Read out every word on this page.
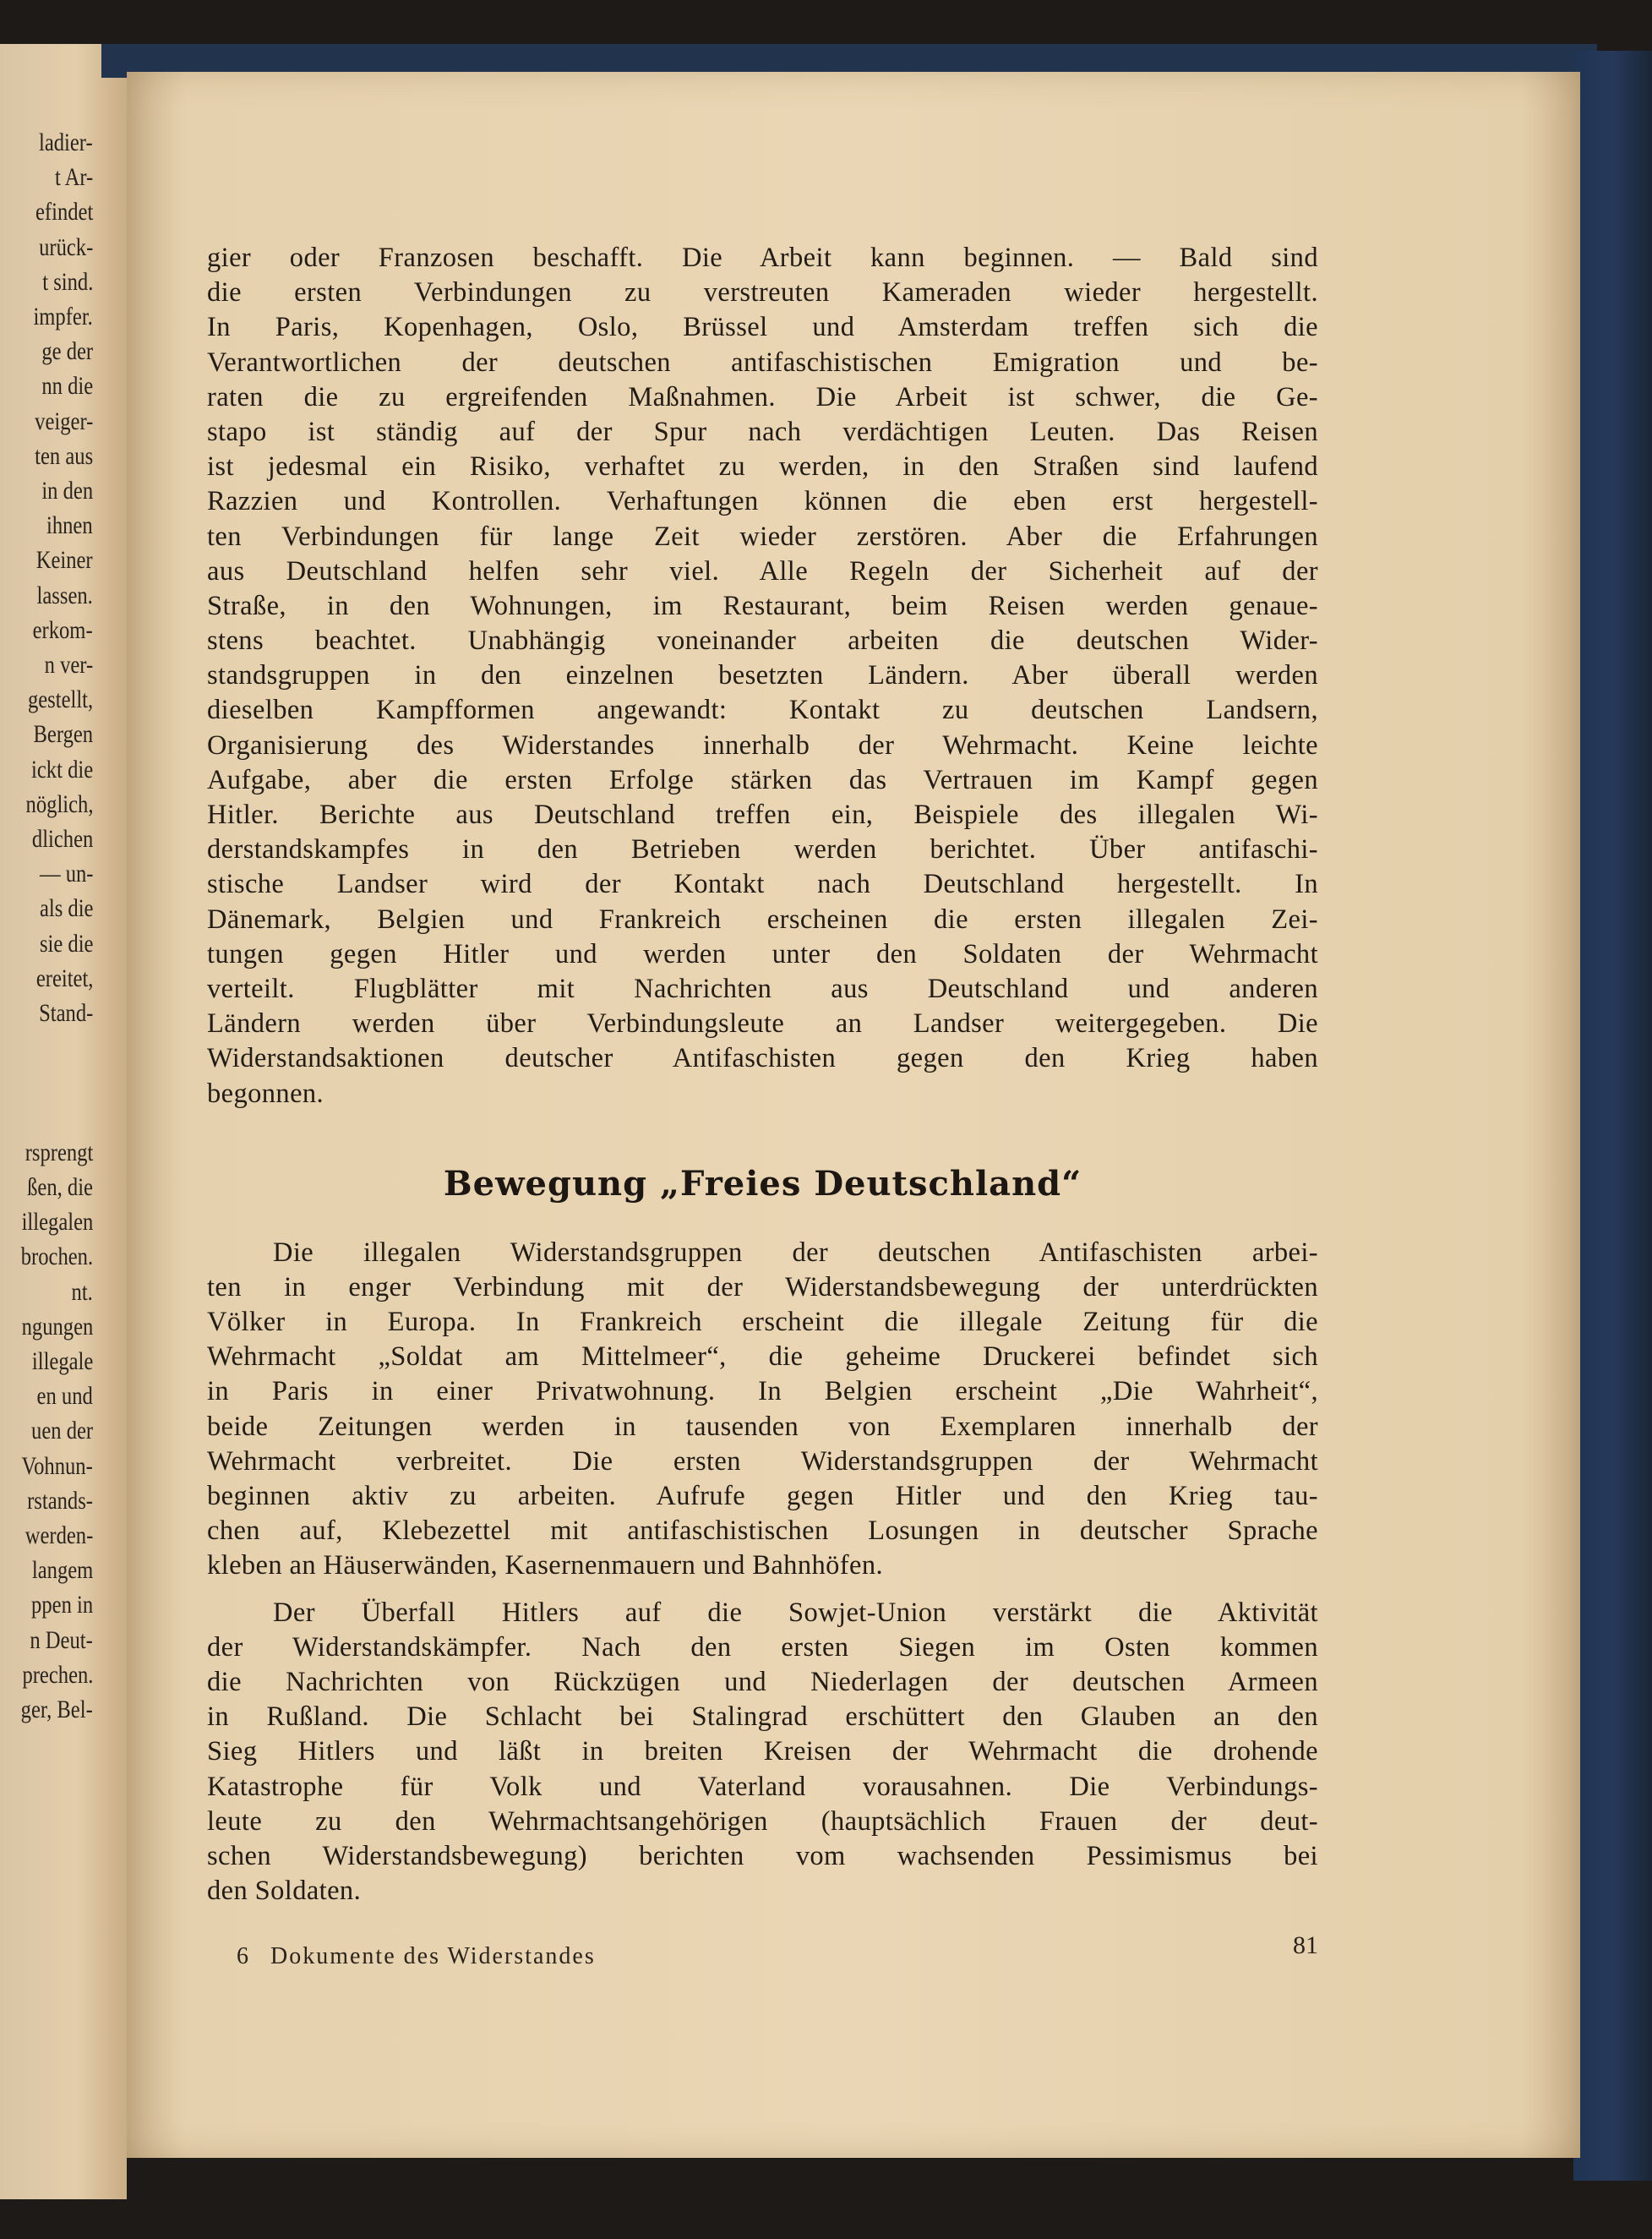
ladier-
t Ar-
efindet
urück-
t sind.
impfer.
ge der
nn die
veiger-
ten aus
in den
ihnen
Keiner
lassen.
erkom-
n ver-
gestellt,
Bergen
ickt die
nöglich,
dlichen
— un-
als die
sie die
ereitet,
Stand-
rsprengt
ßen, die
illegalen
brochen.
nt.
ngungen
illegale
en und
uen der
Vohnun-
rstands-
werden-
langem
ppen in
n Deut-
prechen.
ger, Bel-
gier oder Franzosen beschafft. Die Arbeit kann beginnen. — Bald sind
die ersten Verbindungen zu verstreuten Kameraden wieder hergestellt.
In Paris, Kopenhagen, Oslo, Brüssel und Amsterdam treffen sich die
Verantwortlichen der deutschen antifaschistischen Emigration und be-
raten die zu ergreifenden Maßnahmen. Die Arbeit ist schwer, die Ge-
stapo ist ständig auf der Spur nach verdächtigen Leuten. Das Reisen
ist jedesmal ein Risiko, verhaftet zu werden, in den Straßen sind laufend
Razzien und Kontrollen. Verhaftungen können die eben erst hergestell-
ten Verbindungen für lange Zeit wieder zerstören. Aber die Erfahrungen
aus Deutschland helfen sehr viel. Alle Regeln der Sicherheit auf der
Straße, in den Wohnungen, im Restaurant, beim Reisen werden genaue-
stens beachtet. Unabhängig voneinander arbeiten die deutschen Wider-
standsgruppen in den einzelnen besetzten Ländern. Aber überall werden
dieselben Kampfformen angewandt: Kontakt zu deutschen Landsern,
Organisierung des Widerstandes innerhalb der Wehrmacht. Keine leichte
Aufgabe, aber die ersten Erfolge stärken das Vertrauen im Kampf gegen
Hitler. Berichte aus Deutschland treffen ein, Beispiele des illegalen Wi-
derstandskampfes in den Betrieben werden berichtet. Über antifaschi-
stische Landser wird der Kontakt nach Deutschland hergestellt. In
Dänemark, Belgien und Frankreich erscheinen die ersten illegalen Zei-
tungen gegen Hitler und werden unter den Soldaten der Wehrmacht
verteilt. Flugblätter mit Nachrichten aus Deutschland und anderen
Ländern werden über Verbindungsleute an Landser weitergegeben. Die
Widerstandsaktionen deutscher Antifaschisten gegen den Krieg haben
begonnen.
Bewegung „Freies Deutschland“
Die illegalen Widerstandsgruppen der deutschen Antifaschisten arbei-
ten in enger Verbindung mit der Widerstandsbewegung der unterdrückten
Völker in Europa. In Frankreich erscheint die illegale Zeitung für die
Wehrmacht „Soldat am Mittelmeer“, die geheime Druckerei befindet sich
in Paris in einer Privatwohnung. In Belgien erscheint „Die Wahrheit“,
beide Zeitungen werden in tausenden von Exemplaren innerhalb der
Wehrmacht verbreitet. Die ersten Widerstandsgruppen der Wehrmacht
beginnen aktiv zu arbeiten. Aufrufe gegen Hitler und den Krieg tau-
chen auf, Klebezettel mit antifaschistischen Losungen in deutscher Sprache
kleben an Häuserwänden, Kasernenmauern und Bahnhöfen.
Der Überfall Hitlers auf die Sowjet-Union verstärkt die Aktivität
der Widerstandskämpfer. Nach den ersten Siegen im Osten kommen
die Nachrichten von Rückzügen und Niederlagen der deutschen Armeen
in Rußland. Die Schlacht bei Stalingrad erschüttert den Glauben an den
Sieg Hitlers und läßt in breiten Kreisen der Wehrmacht die drohende
Katastrophe für Volk und Vaterland vorausahnen. Die Verbindungs-
leute zu den Wehrmachtsangehörigen (hauptsächlich Frauen der deut-
schen Widerstandsbewegung) berichten vom wachsenden Pessimismus bei
den Soldaten.
6 Dokumente des Widerstandes	81
